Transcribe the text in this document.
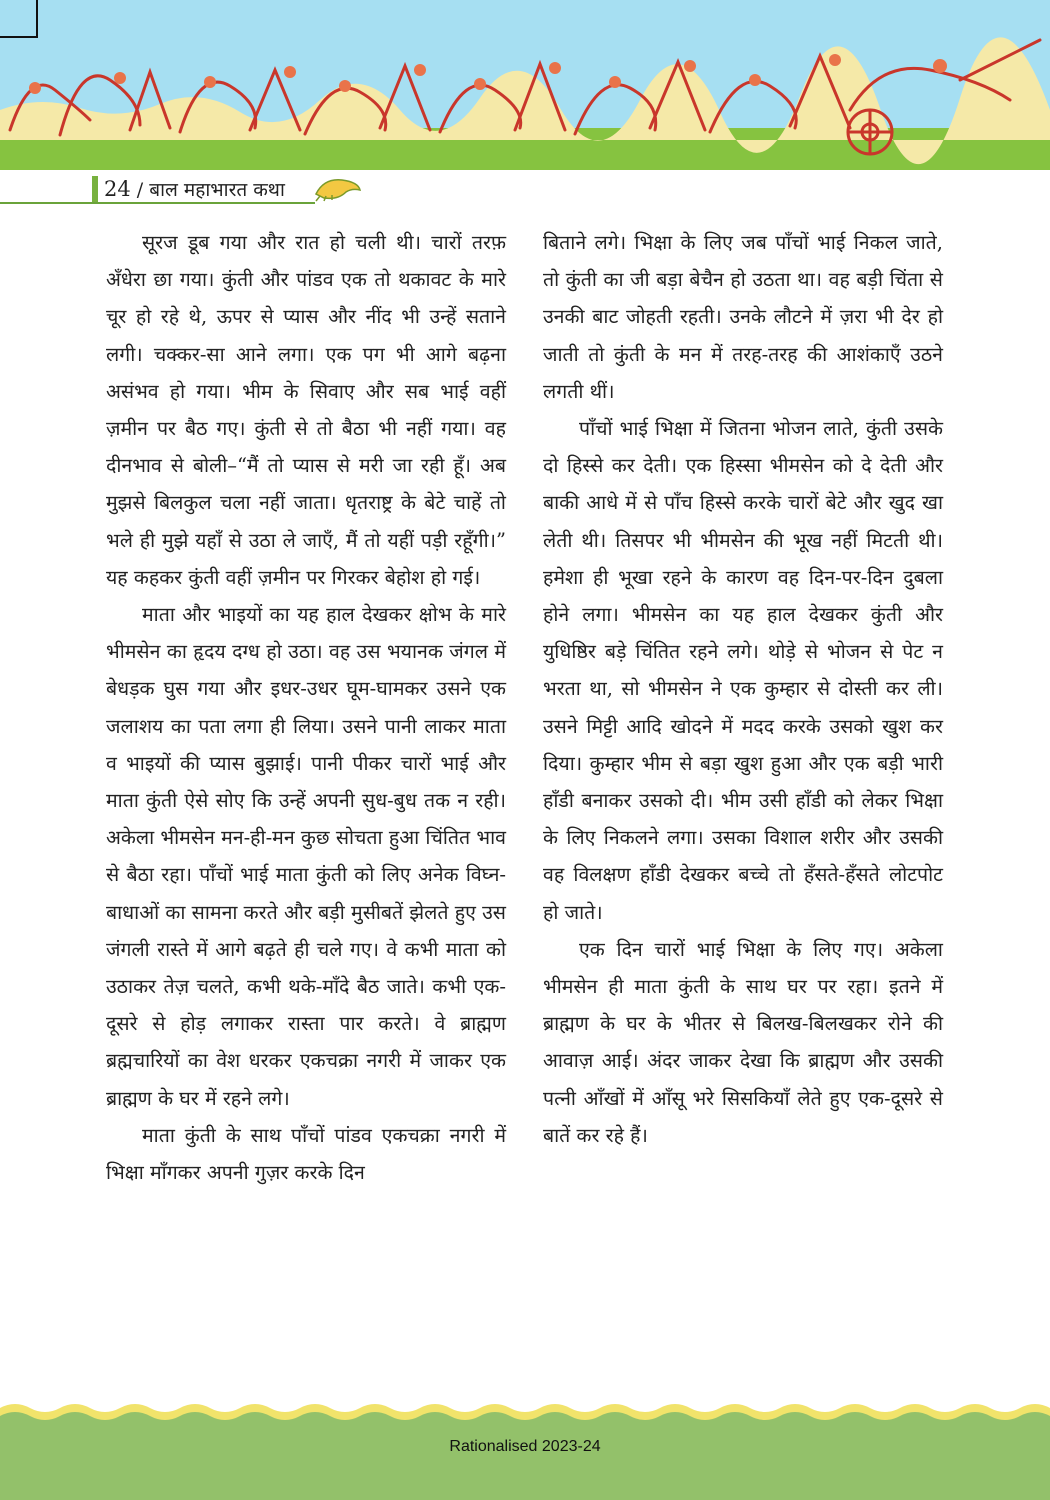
24 / बाल महाभारत कथा

सूरज डूब गया और रात हो चली थी। चारों तरफ़ अँधेरा छा गया। कुंती और पांडव एक तो थकावट के मारे चूर हो रहे थे, ऊपर से प्यास और नींद भी उन्हें सताने लगी। चक्कर-सा आने लगा। एक पग भी आगे बढ़ना असंभव हो गया। भीम के सिवाए और सब भाई वहीं ज़मीन पर बैठ गए। कुंती से तो बैठा भी नहीं गया। वह दीनभाव से बोली–“मैं तो प्यास से मरी जा रही हूँ। अब मुझसे बिलकुल चला नहीं जाता। धृतराष्ट्र के बेटे चाहें तो भले ही मुझे यहाँ से उठा ले जाएँ, मैं तो यहीं पड़ी रहूँगी।” यह कहकर कुंती वहीं ज़मीन पर गिरकर बेहोश हो गई।

माता और भाइयों का यह हाल देखकर क्षोभ के मारे भीमसेन का हृदय दग्ध हो उठा। वह उस भयानक जंगल में बेधड़क घुस गया और इधर-उधर घूम-घामकर उसने एक जलाशय का पता लगा ही लिया। उसने पानी लाकर माता व भाइयों की प्यास बुझाई। पानी पीकर चारों भाई और माता कुंती ऐसे सोए कि उन्हें अपनी सुध-बुध तक न रही। अकेला भीमसेन मन-ही-मन कुछ सोचता हुआ चिंतित भाव से बैठा रहा। पाँचों भाई माता कुंती को लिए अनेक विघ्न-बाधाओं का सामना करते और बड़ी मुसीबतें झेलते हुए उस जंगली रास्ते में आगे बढ़ते ही चले गए। वे कभी माता को उठाकर तेज़ चलते, कभी थके-माँदे बैठ जाते। कभी एक-दूसरे से होड़ लगाकर रास्ता पार करते। वे ब्राह्मण ब्रह्मचारियों का वेश धरकर एकचक्रा नगरी में जाकर एक ब्राह्मण के घर में रहने लगे।

माता कुंती के साथ पाँचों पांडव एकचक्रा नगरी में भिक्षा माँगकर अपनी गुज़र करके दिन

बिताने लगे। भिक्षा के लिए जब पाँचों भाई निकल जाते, तो कुंती का जी बड़ा बेचैन हो उठता था। वह बड़ी चिंता से उनकी बाट जोहती रहती। उनके लौटने में ज़रा भी देर हो जाती तो कुंती के मन में तरह-तरह की आशंकाएँ उठने लगती थीं।

पाँचों भाई भिक्षा में जितना भोजन लाते, कुंती उसके दो हिस्से कर देती। एक हिस्सा भीमसेन को दे देती और बाकी आधे में से पाँच हिस्से करके चारों बेटे और खुद खा लेती थी। तिसपर भी भीमसेन की भूख नहीं मिटती थी। हमेशा ही भूखा रहने के कारण वह दिन-पर-दिन दुबला होने लगा। भीमसेन का यह हाल देखकर कुंती और युधिष्ठिर बड़े चिंतित रहने लगे। थोड़े से भोजन से पेट न भरता था, सो भीमसेन ने एक कुम्हार से दोस्ती कर ली। उसने मिट्टी आदि खोदने में मदद करके उसको खुश कर दिया। कुम्हार भीम से बड़ा खुश हुआ और एक बड़ी भारी हाँडी बनाकर उसको दी। भीम उसी हाँडी को लेकर भिक्षा के लिए निकलने लगा। उसका विशाल शरीर और उसकी वह विलक्षण हाँडी देखकर बच्चे तो हँसते-हँसते लोटपोट हो जाते।

एक दिन चारों भाई भिक्षा के लिए गए। अकेला भीमसेन ही माता कुंती के साथ घर पर रहा। इतने में ब्राह्मण के घर के भीतर से बिलख-बिलखकर रोने की आवाज़ आई। अंदर जाकर देखा कि ब्राह्मण और उसकी पत्नी आँखों में आँसू भरे सिसकियाँ लेते हुए एक-दूसरे से बातें कर रहे हैं।

Rationalised 2023-24
